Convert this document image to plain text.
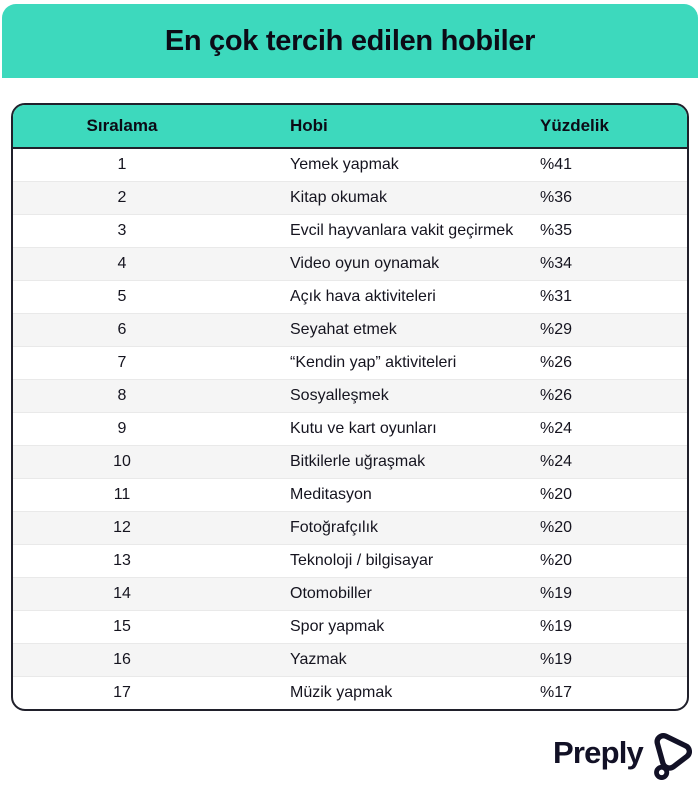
En çok tercih edilen hobiler
Sıralama	Hobi	Yüzdelik
1	Yemek yapmak	%41
2	Kitap okumak	%36
3	Evcil hayvanlara vakit geçirmek	%35
4	Video oyun oynamak	%34
5	Açık hava aktiviteleri	%31
6	Seyahat etmek	%29
7	“Kendin yap” aktiviteleri	%26
8	Sosyalleşmek	%26
9	Kutu ve kart oyunları	%24
10	Bitkilerle uğraşmak	%24
11	Meditasyon	%20
12	Fotoğrafçılık	%20
13	Teknoloji / bilgisayar	%20
14	Otomobiller	%19
15	Spor yapmak	%19
16	Yazmak	%19
17	Müzik yapmak	%17
Preply
